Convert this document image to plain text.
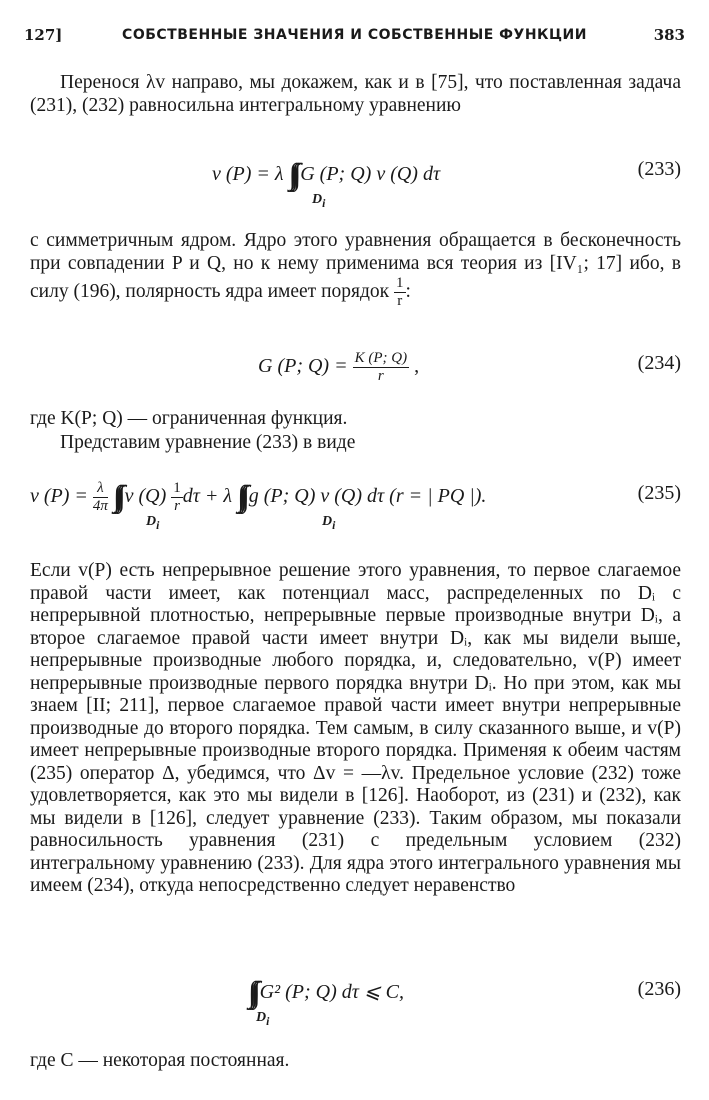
127]	СОБСТВЕННЫЕ ЗНАЧЕНИЯ И СОБСТВЕННЫЕ ФУНКЦИИ	383
Перенося λv направо, мы докажем, как и в [75], что поставленная задача (231), (232) равносильна интегральному уравнению
v (P) = λ ∫∫∫ G (P; Q) v (Q) dτ
$D_i$
(233)
с симметричным ядром. Ядро этого уравнения обращается в бесконечность при совпадении P и Q, но к нему применима вся теория из [IV₁; 17] ибо, в силу (196), полярность ядра имеет порядок $\frac{1}{r}$ :
G (P; $Q) = \frac{K (P; Q)}{r}$ ,	(234)
где K(P; Q) — ограниченная функция.
Представим уравнение (233) в виде
v $(P) = \frac{\lambda}{4\pi}$ ∫∫∫ v $(Q) \frac{1}{r}$ dτ + λ ∫∫∫ g (P; Q) v (Q) dτ (r = | PQ |).
$D_i$	$D_i$
(235)
Если v(P) есть непрерывное решение этого уравнения, то первое слагаемое правой части имеет, как потенциал масс, распределенных по Dᵢ с непрерывной плотностью, непрерывные первые производные внутри Dᵢ, а второе слагаемое правой части имеет внутри Dᵢ, как мы видели выше, непрерывные производные любого порядка, и, следовательно, v(P) имеет непрерывные производные первого порядка внутри Dᵢ. Но при этом, как мы знаем [II; 211], первое слагаемое правой части имеет внутри непрерывные производные до второго порядка. Тем самым, в силу сказанного выше, и v(P) имеет непрерывные производные второго порядка. Применяя к обеим частям (235) оператор Δ, убедимся, что Δv = —λv. Предельное условие (232) тоже удовлетворяется, как это мы видели в [126]. Наоборот, из (231) и (232), как мы видели в [126], следует уравнение (233). Таким образом, мы показали равносильность уравнения (231) с предельным условием (232) интегральному уравнению (233). Для ядра этого интегрального уравнения мы имеем (234), откуда непосредственно следует неравенство
∫∫∫ G² (P; Q) dτ ⩽ C,
$D_i$
(236)
где C — некоторая постоянная.
